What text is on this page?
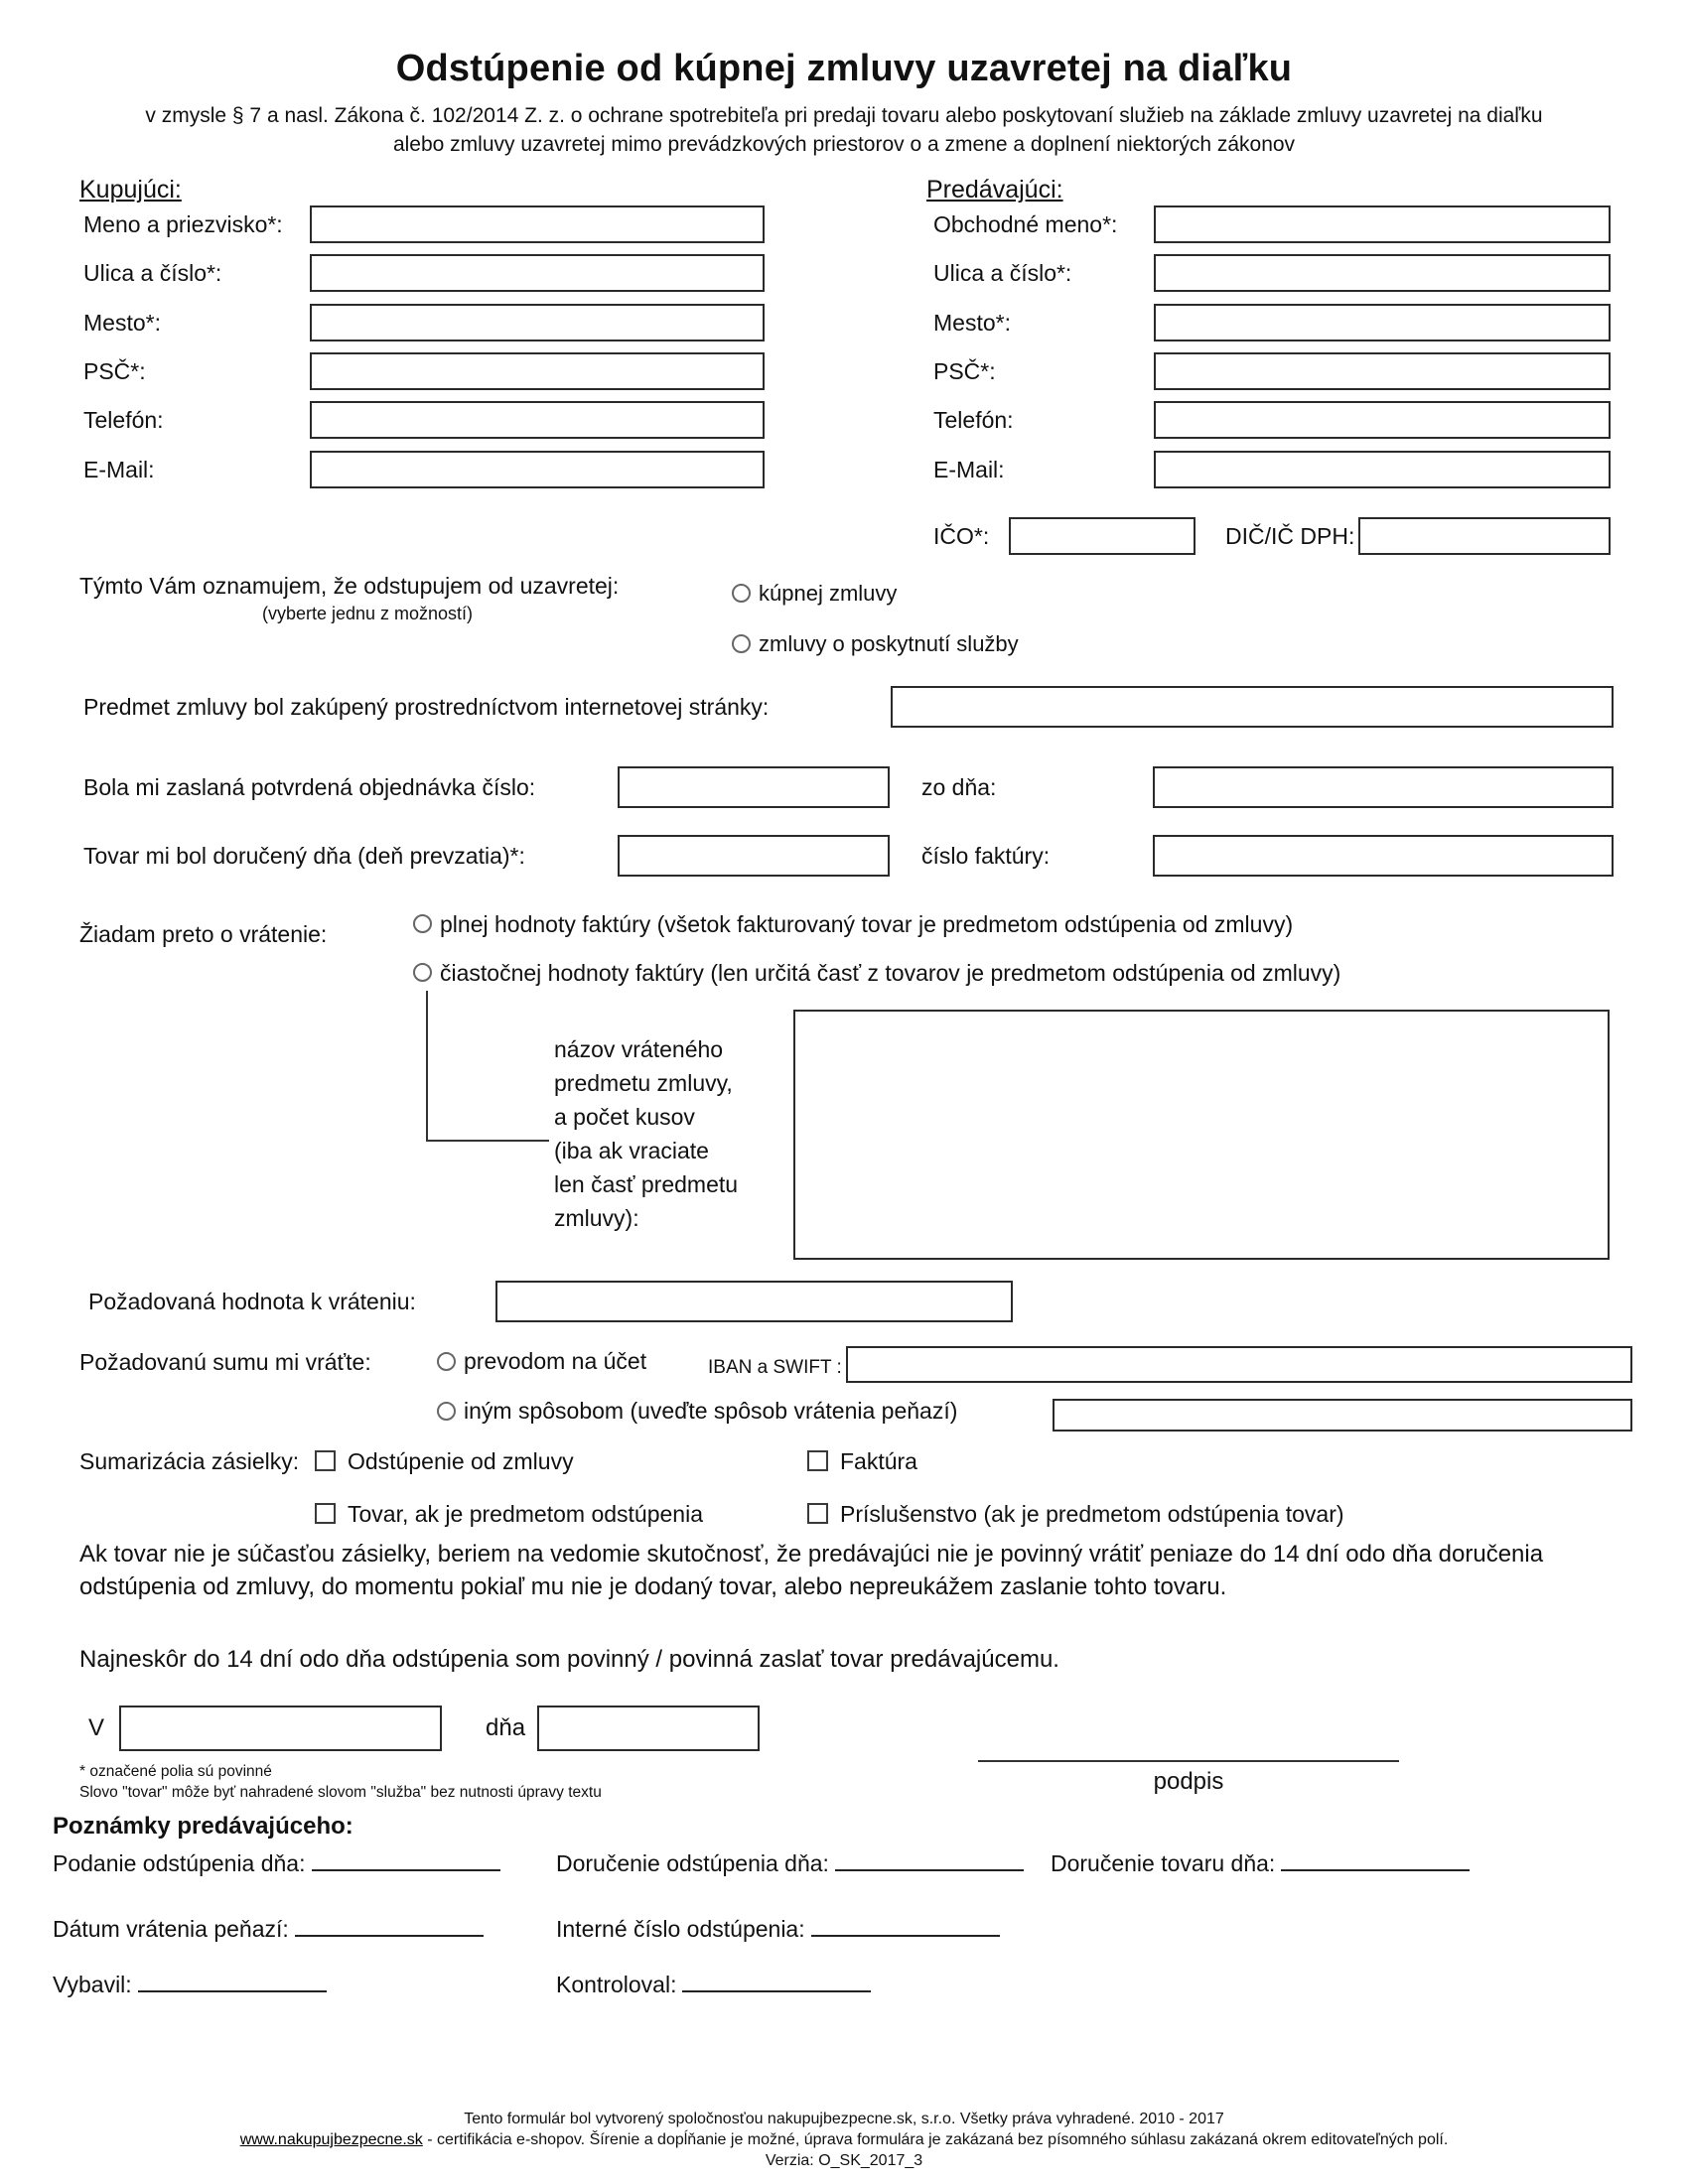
Odstúpenie od kúpnej zmluvy uzavretej na diaľku
v zmysle § 7 a nasl. Zákona č. 102/2014 Z. z. o ochrane spotrebiteľa pri predaji tovaru alebo poskytovaní služieb na základe zmluvy uzavretej na diaľku
alebo zmluvy uzavretej mimo prevádzkových priestorov o a zmene a doplnení niektorých zákonov
Kupujúci:
Meno a priezvisko*:
Ulica a číslo*:
Mesto*:
PSČ*:
Telefón:
E-Mail:
Predávajúci:
Obchodné meno*:
Ulica a číslo*:
Mesto*:
PSČ*:
Telefón:
E-Mail:
IČO*:	DIČ/IČ DPH:
Týmto Vám oznamujem, že odstupujem od uzavretej:
(vyberte jednu z možností)
kúpnej zmluvy
zmluvy o poskytnutí služby
Predmet zmluvy bol zakúpený prostredníctvom internetovej stránky:
Bola mi zaslaná potvrdená objednávka číslo:	zo dňa:
Tovar mi bol doručený dňa (deň prevzatia)*:	číslo faktúry:
Žiadam preto o vrátenie:	plnej hodnoty faktúry (všetok fakturovaný tovar je predmetom odstúpenia od zmluvy)
čiastočnej hodnoty faktúry (len určitá časť z tovarov je predmetom odstúpenia od zmluvy)
názov vráteného
predmetu zmluvy,
a počet kusov
(iba ak vraciate
len časť predmetu
zmluvy):
Požadovaná hodnota k vráteniu:
Požadovanú sumu mi vráťte:	prevodom na účet	IBAN a SWIFT :
iným spôsobom (uveďte spôsob vrátenia peňazí)
Sumarizácia zásielky: Odstúpenie od zmluvy	Faktúra
Tovar, ak je predmetom odstúpenia	Príslušenstvo (ak je predmetom odstúpenia tovar)
Ak tovar nie je súčasťou zásielky, beriem na vedomie skutočnosť, že predávajúci nie je povinný vrátiť peniaze do 14 dní odo dňa doručenia odstúpenia od zmluvy, do momentu pokiaľ mu nie je dodaný tovar, alebo nepreukážem zaslanie tohto tovaru.
Najneskôr do 14 dní odo dňa odstúpenia som povinný / povinná zaslať tovar predávajúcemu.
V	dňa
podpis
* označené polia sú povinné
Slovo "tovar" môže byť nahradené slovom "služba" bez nutnosti úpravy textu
Poznámky predávajúceho:
Podanie odstúpenia dňa:	Doručenie odstúpenia dňa:	Doručenie tovaru dňa:
Dátum vrátenia peňazí:	Interné číslo odstúpenia:
Vybavil:	Kontroloval:
Tento formulár bol vytvorený spoločnosťou nakupujbezpecne.sk, s.r.o. Všetky práva vyhradené. 2010 - 2017
www.nakupujbezpecne.sk - certifikácia e-shopov. Šírenie a dopĺňanie je možné, úprava formulára je zakázaná bez písomného súhlasu zakázaná okrem editovateľných polí.
Verzia: O_SK_2017_3
